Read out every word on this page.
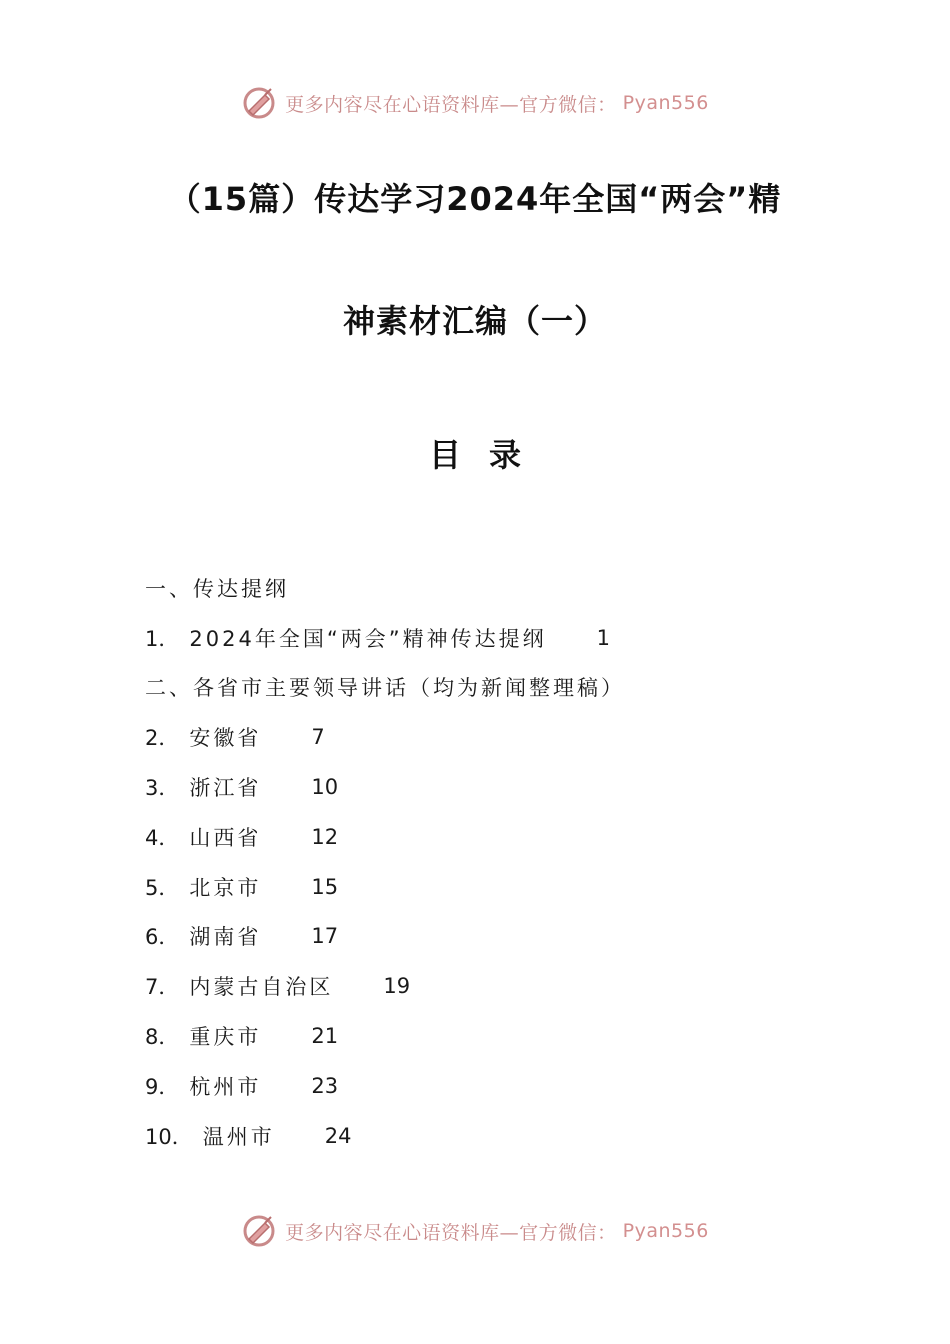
更多内容尽在心语资料库—官方微信： Pyan556
（15篇）传达学习2024年全国“两会”精
神素材汇编（一）
目录
一、传达提纲
1． 2024年全国“两会”精神传达提纲 1
二、各省市主要领导讲话（均为新闻整理稿）
2． 安徽省 7
3． 浙江省 10
4． 山西省 12
5． 北京市 15
6． 湖南省 17
7． 内蒙古自治区 19
8． 重庆市 21
9． 杭州市 23
10． 温州市 24
更多内容尽在心语资料库—官方微信： Pyan556
